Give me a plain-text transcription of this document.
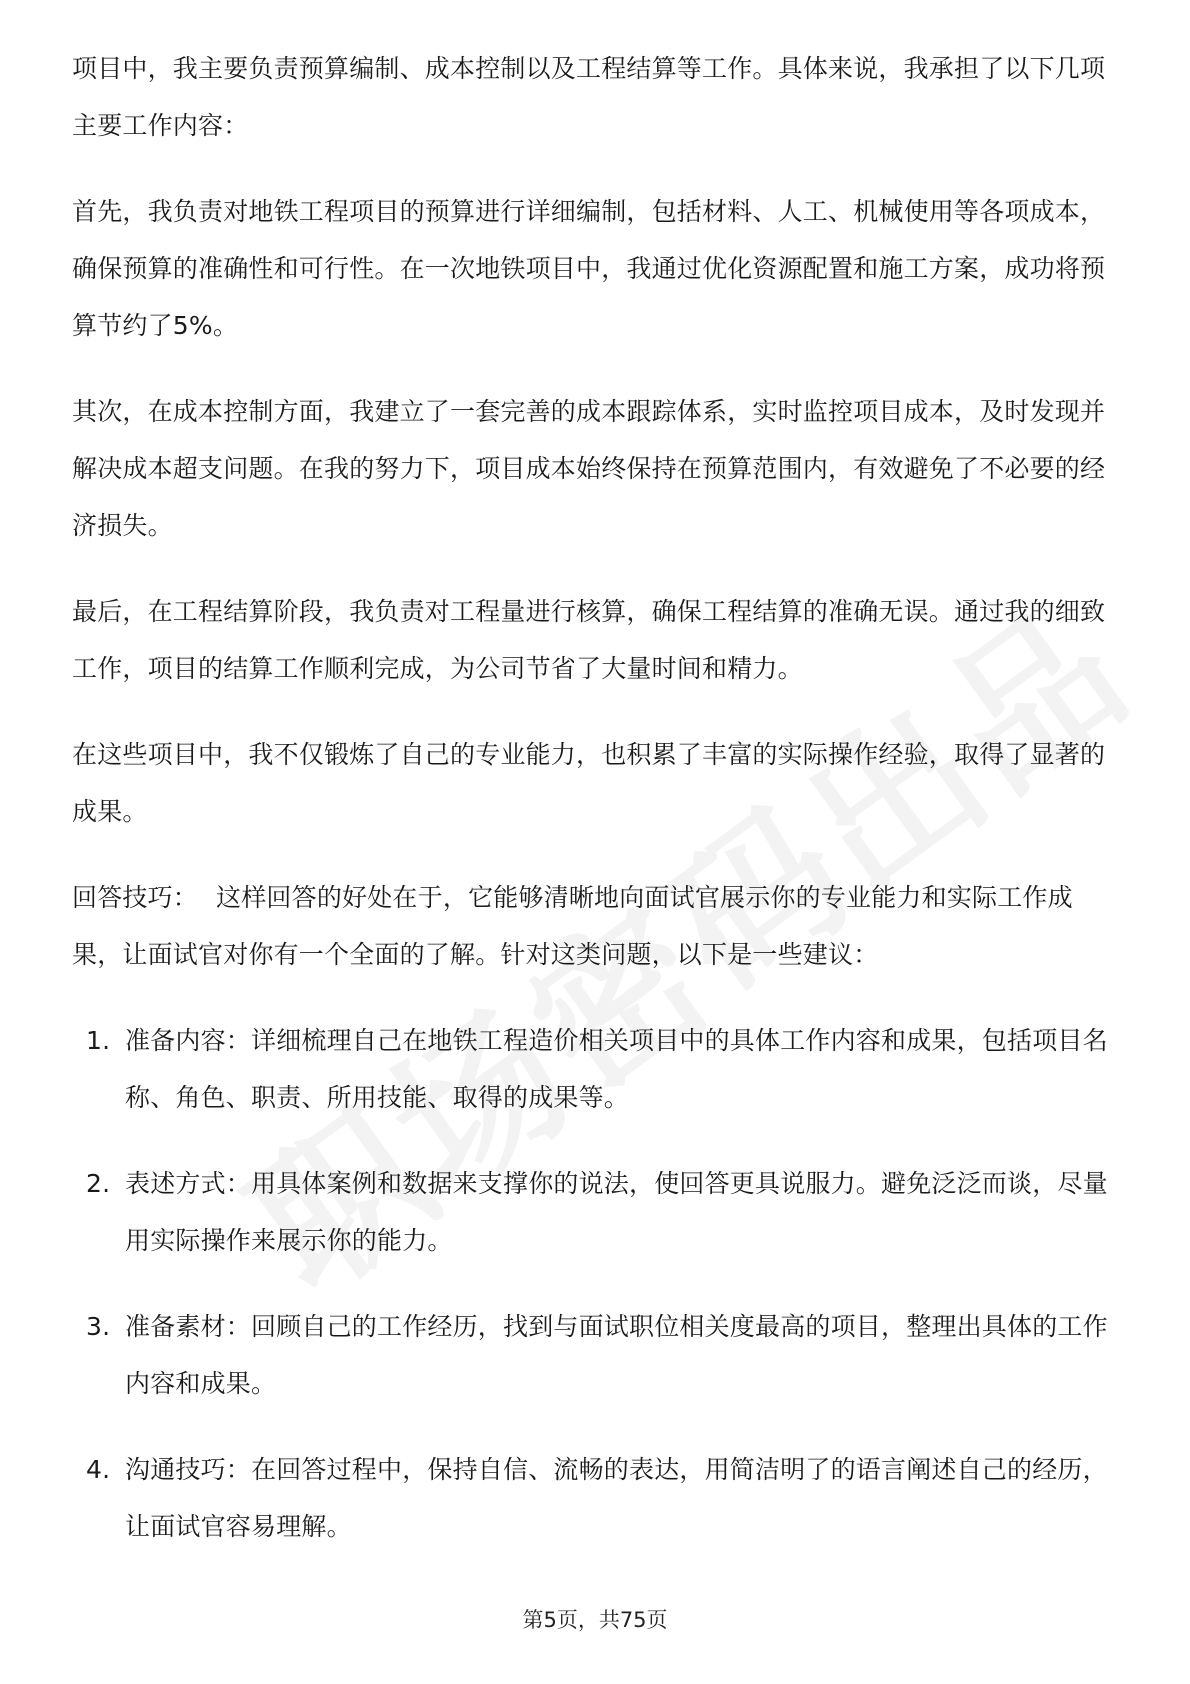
项目中，我主要负责预算编制、成本控制以及工程结算等工作。具体来说，我承担了以下几项主要工作内容：

首先，我负责对地铁工程项目的预算进行详细编制，包括材料、人工、机械使用等各项成本，确保预算的准确性和可行性。在一次地铁项目中，我通过优化资源配置和施工方案，成功将预算节约了5%。

其次，在成本控制方面，我建立了一套完善的成本跟踪体系，实时监控项目成本，及时发现并解决成本超支问题。在我的努力下，项目成本始终保持在预算范围内，有效避免了不必要的经济损失。

最后，在工程结算阶段，我负责对工程量进行核算，确保工程结算的准确无误。通过我的细致工作，项目的结算工作顺利完成，为公司节省了大量时间和精力。

在这些项目中，我不仅锻炼了自己的专业能力，也积累了丰富的实际操作经验，取得了显著的成果。

回答技巧： 这样回答的好处在于，它能够清晰地向面试官展示你的专业能力和实际工作成果，让面试官对你有一个全面的了解。针对这类问题，以下是一些建议：

1. 准备内容：详细梳理自己在地铁工程造价相关项目中的具体工作内容和成果，包括项目名称、角色、职责、所用技能、取得的成果等。
2. 表述方式：用具体案例和数据来支撑你的说法，使回答更具说服力。避免泛泛而谈，尽量用实际操作来展示你的能力。
3. 准备素材：回顾自己的工作经历，找到与面试职位相关度最高的项目，整理出具体的工作内容和成果。
4. 沟通技巧：在回答过程中，保持自信、流畅的表达，用简洁明了的语言阐述自己的经历，让面试官容易理解。
第5页，共75页
